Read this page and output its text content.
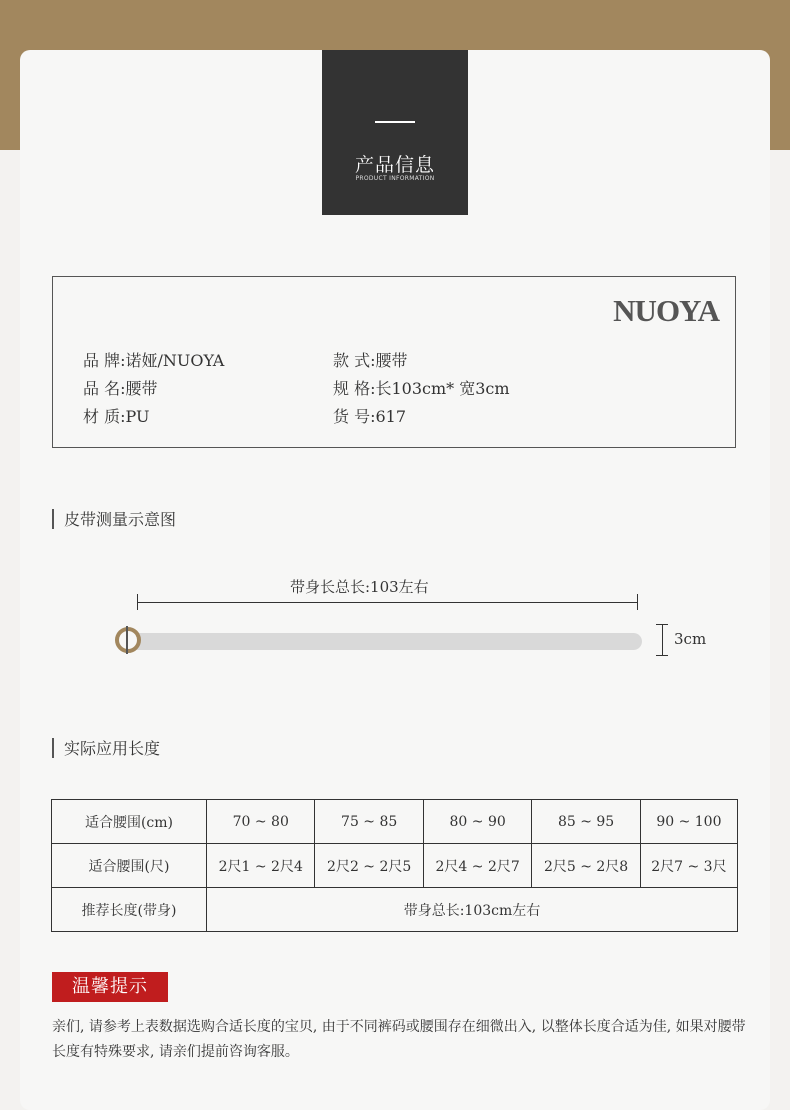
产品信息
PRODUCT INFORMATION
NUOYA
品 牌:诺娅/NUOYA
品 名:腰带
材 质:PU
款 式:腰带
规 格:长103cm* 宽3cm
货 号:617
皮带测量示意图
带身长总长:103左右
3cm
实际应用长度
适合腰围(cm)	70 ~ 80	75 ~ 85	80 ~ 90	85 ~ 95	90 ~ 100
适合腰围(尺)	2尺1 ~ 2尺4	2尺2 ~ 2尺5	2尺4 ~ 2尺7	2尺5 ~ 2尺8	2尺7 ~ 3尺
推荐长度(带身)	带身总长:103cm左右				
温馨提示
亲们, 请参考上表数据选购合适长度的宝贝, 由于不同裤码或腰围存在细微出入, 以整体长度合适为佳, 如果对腰带长度有特殊要求, 请亲们提前咨询客服。
